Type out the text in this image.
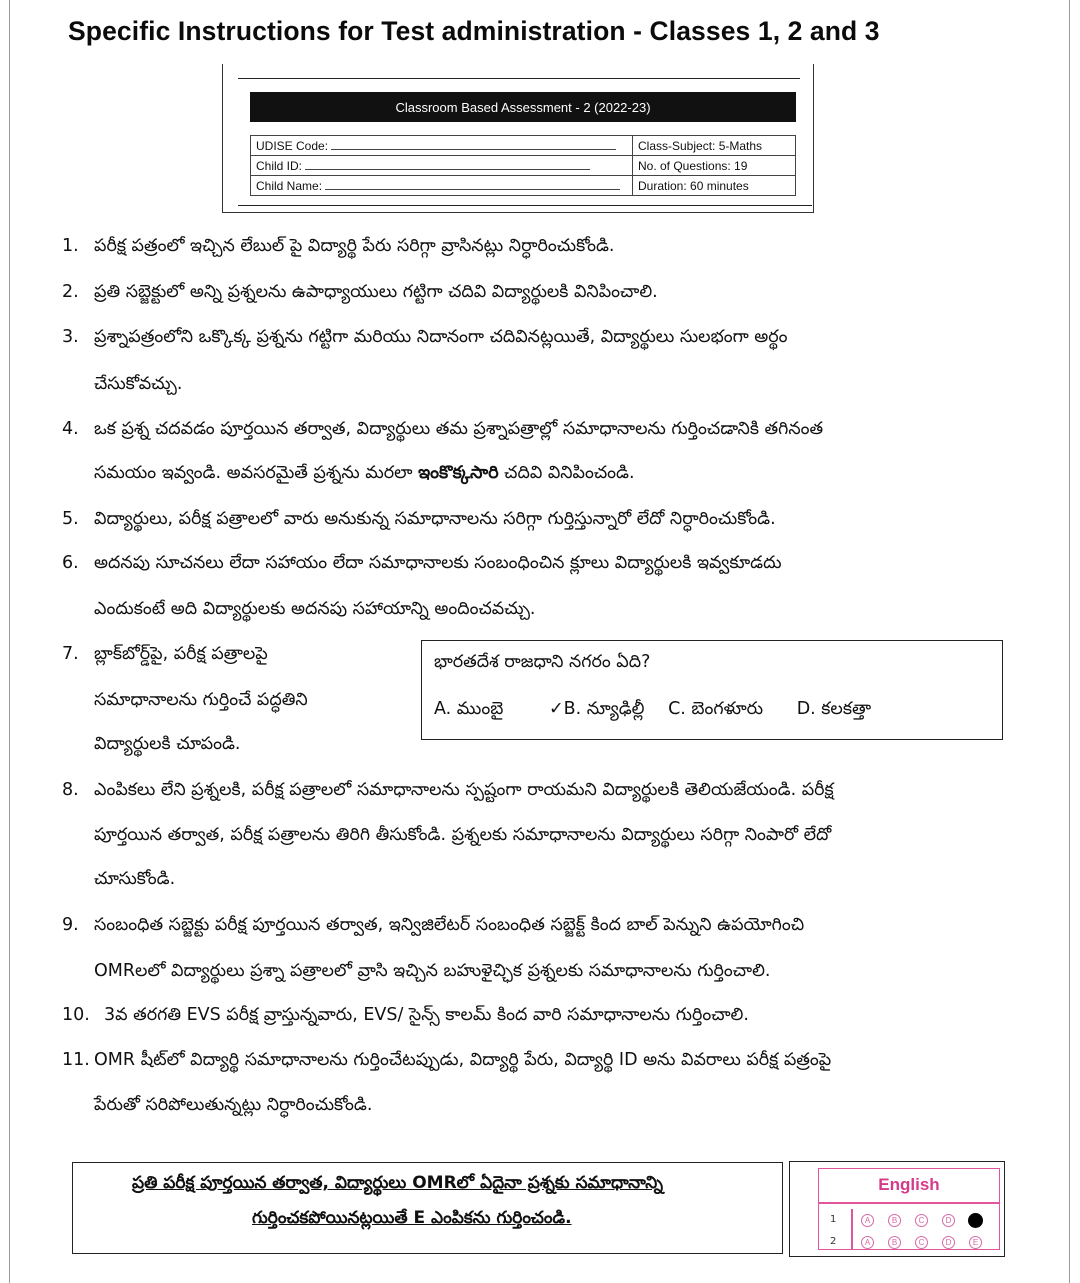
Specific Instructions for Test administration - Classes 1, 2 and 3
Classroom Based Assessment - 2 (2022-23)
UDISE Code:	Class-Subject: 5-Maths
Child ID:	No. of Questions: 19
Child Name:	Duration: 60 minutes
1. పరీక్ష పత్రంలో ఇచ్చిన లేబుల్ పై విద్యార్థి పేరు సరిగ్గా వ్రాసినట్లు నిర్ధారించుకోండి.
2. ప్రతి సబ్జెక్టులో అన్ని ప్రశ్నలను ఉపాధ్యాయులు గట్టిగా చదివి విద్యార్థులకి వినిపించాలి.
3. ప్రశ్నాపత్రంలోని ఒక్కొక్క ప్రశ్నను గట్టిగా మరియు నిదానంగా చదివినట్లయితే, విద్యార్థులు సులభంగా అర్థం
చేసుకోవచ్చు.
4. ఒక ప్రశ్న చదవడం పూర్తయిన తర్వాత, విద్యార్థులు తమ ప్రశ్నాపత్రాల్లో సమాధానాలను గుర్తించడానికి తగినంత
సమయం ఇవ్వండి. అవసరమైతే ప్రశ్నను మరలా ఇంకొక్కసారి చదివి వినిపించండి.
5. విద్యార్థులు, పరీక్ష పత్రాలలో వారు అనుకున్న సమాధానాలను సరిగ్గా గుర్తిస్తున్నారో లేదో నిర్ధారించుకోండి.
6. అదనపు సూచనలు లేదా సహాయం లేదా సమాధానాలకు సంబంధించిన క్లూలు విద్యార్థులకి ఇవ్వకూడదు
ఎందుకంటే అది విద్యార్థులకు అదనపు సహాయాన్ని అందించవచ్చు.
7. బ్లాక్‌బోర్డ్‌పై, పరీక్ష పత్రాలపై
సమాధానాలను గుర్తించే పద్ధతిని
విద్యార్థులకి చూపండి.
8. ఎంపికలు లేని ప్రశ్నలకి, పరీక్ష పత్రాలలో సమాధానాలను స్పష్టంగా రాయమని విద్యార్థులకి తెలియజేయండి. పరీక్ష
పూర్తయిన తర్వాత, పరీక్ష పత్రాలను తిరిగి తీసుకోండి. ప్రశ్నలకు సమాధానాలను విద్యార్థులు సరిగ్గా నింపారో లేదో
చూసుకోండి.
9. సంబంధిత సబ్జెక్టు పరీక్ష పూర్తయిన తర్వాత, ఇన్విజిలేటర్ సంబంధిత సబ్జెక్ట్ కింద బాల్ పెన్నుని ఉపయోగించి
OMRలలో విద్యార్థులు ప్రశ్నా పత్రాలలో వ్రాసి ఇచ్చిన బహుళైచ్ఛిక ప్రశ్నలకు సమాధానాలను గుర్తించాలి.
10. 3వ తరగతి EVS పరీక్ష వ్రాస్తున్నవారు, EVS/ సైన్స్ కాలమ్ కింద వారి సమాధానాలను గుర్తించాలి.
11. OMR షీట్‌లో విద్యార్థి సమాధానాలను గుర్తించేటప్పుడు, విద్యార్థి పేరు, విద్యార్థి ID అను వివరాలు పరీక్ష పత్రంపై
పేరుతో సరిపోలుతున్నట్లు నిర్ధారించుకోండి.
భారతదేశ రాజధాని నగరం ఏది?
A. ముంబై	✓B. న్యూఢిల్లీ C. బెంగళూరు D. కలకత్తా
ప్రతి పరీక్ష పూర్తయిన తర్వాత, విద్యార్థులు OMRలో ఏదైనా ప్రశ్నకు సమాధానాన్ని
గుర్తించకపోయినట్లయితే E ఎంపికను గుర్తించండి.
English
1
2
A	B	C	D
A	B	C	D	E
